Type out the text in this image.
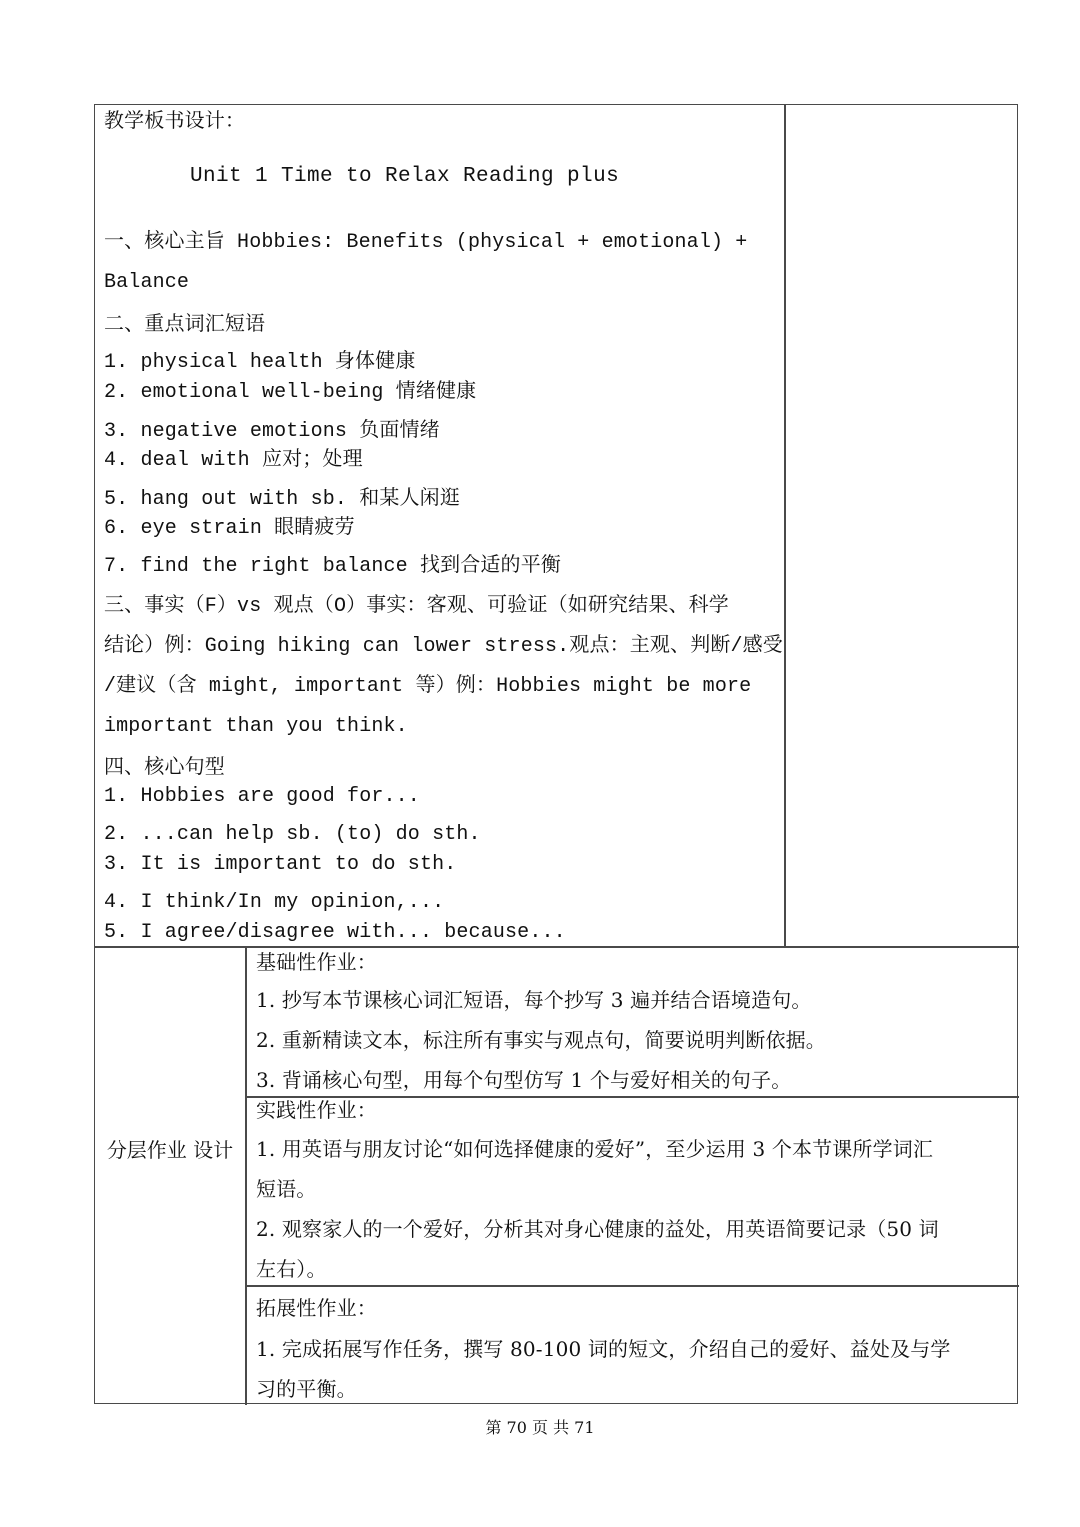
教学板书设计：
Unit 1 Time to Relax Reading plus
一、核心主旨 Hobbies: Benefits (physical + emotional) +
Balance
二、重点词汇短语
1. physical health 身体健康
2. emotional well-being 情绪健康
3. negative emotions 负面情绪
4. deal with 应对；处理
5. hang out with sb. 和某人闲逛
6. eye strain 眼睛疲劳
7. find the right balance 找到合适的平衡
三、事实（F）vs 观点（O）事实：客观、可验证（如研究结果、科学
结论）例：Going hiking can lower stress.观点：主观、判断/感受
/建议（含 might, important 等）例：Hobbies might be more
important than you think.
四、核心句型
1. Hobbies are good for...
2. ...can help sb. (to) do sth.
3. It is important to do sth.
4. I think/In my opinion,...
5. I agree/disagree with... because...
分层作业 设计
基础性作业：
1. 抄写本节课核心词汇短语，每个抄写 3 遍并结合语境造句。
2. 重新精读文本，标注所有事实与观点句，简要说明判断依据。
3. 背诵核心句型，用每个句型仿写 1 个与爱好相关的句子。
实践性作业：
1. 用英语与朋友讨论“如何选择健康的爱好”，至少运用 3 个本节课所学词汇
短语。
2. 观察家人的一个爱好，分析其对身心健康的益处，用英语简要记录（50 词
左右）。
拓展性作业：
1. 完成拓展写作任务，撰写 80-100 词的短文，介绍自己的爱好、益处及与学
习的平衡。
第 70 页 共 71
